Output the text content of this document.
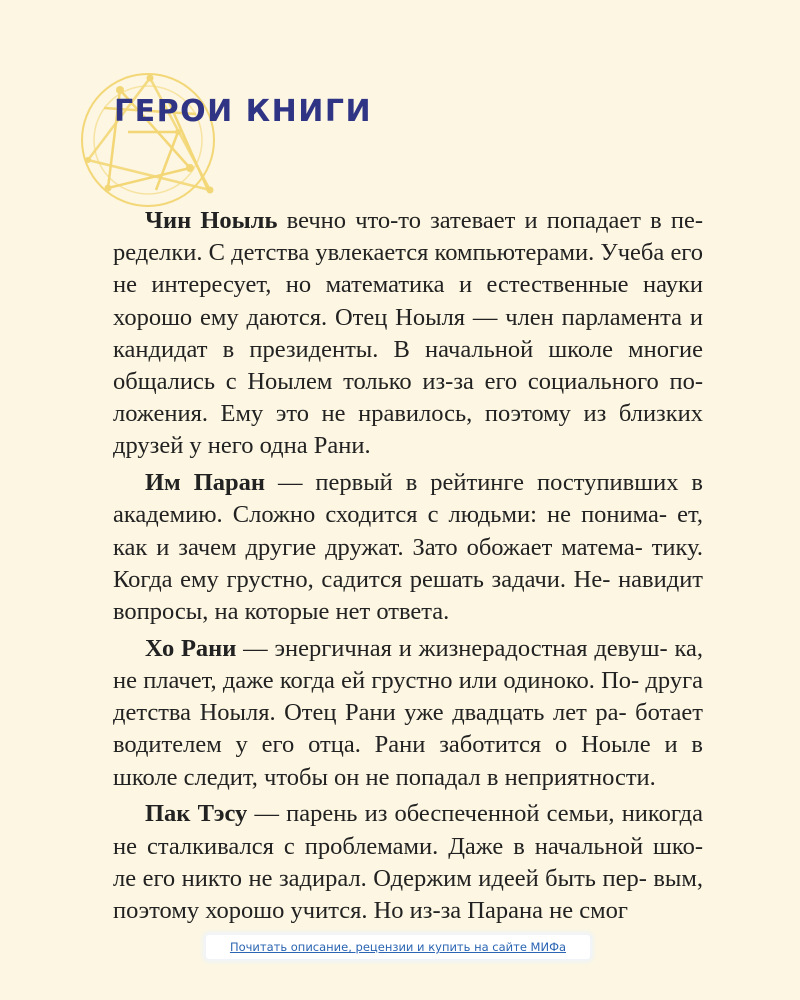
ГЕРОИ КНИГИ

Чин Ноыль вечно что-то затевает и попадает в пе- ределки. С детства увлекается компьютерами. Учеба его не интересует, но математика и естественные науки хорошо ему даются. Отец Ноыля — член парламента и кандидат в президенты. В начальной школе многие общались с Ноылем только из-за его социального по- ложения. Ему это не нравилось, поэтому из близких друзей у него одна Рани.

Им Паран — первый в рейтинге поступивших в академию. Сложно сходится с людьми: не понима- ет, как и зачем другие дружат. Зато обожает матема- тику. Когда ему грустно, садится решать задачи. Не- навидит вопросы, на которые нет ответа.

Хо Рани — энергичная и жизнерадостная девуш- ка, не плачет, даже когда ей грустно или одиноко. По- друга детства Ноыля. Отец Рани уже двадцать лет ра- ботает водителем у его отца. Рани заботится о Ноыле и в школе следит, чтобы он не попадал в неприятности.

Пак Тэсу — парень из обеспеченной семьи, никогда не сталкивался с проблемами. Даже в начальной шко- ле его никто не задирал. Одержим идеей быть пер- вым, поэтому хорошо учится. Но из-за Парана не смог

Почитать описание, рецензии и купить на сайте МИФа
